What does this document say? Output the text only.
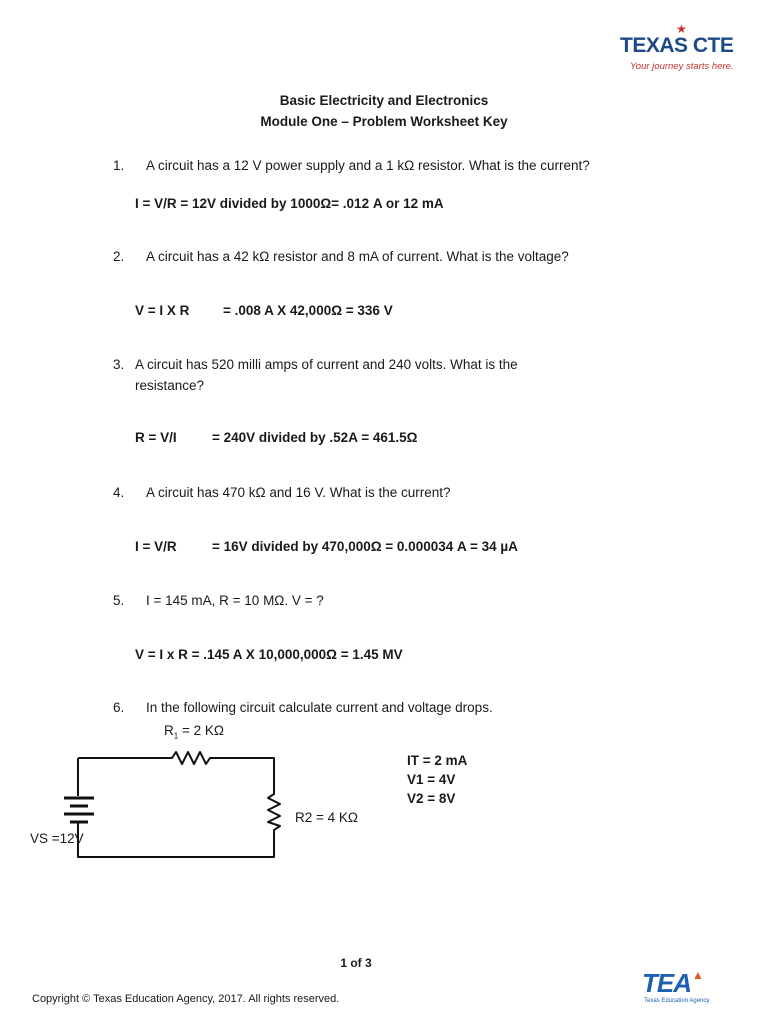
★
TEXAS CTE
Your journey starts here.
Basic Electricity and Electronics
Module One – Problem Worksheet Key
1. A circuit has a 12 V power supply and a 1 kΩ resistor. What is the current?
I = V/R = 12V divided by 1000Ω= .012 A or 12 mA
2. A circuit has a 42 kΩ resistor and 8 mA of current. What is the voltage?
V = I X R = .008 A X 42,000Ω = 336 V
3. A circuit has 520 milli amps of current and 240 volts. What is the
resistance?
R = V/I	= 240V divided by .52A = 461.5Ω
4. A circuit has 470 kΩ and 16 V. What is the current?
I = V/R	= 16V divided by 470,000Ω = 0.000034 A = 34 µA
5. I = 145 mA, R = 10 MΩ. V = ?
V = I x R = .145 A X 10,000,000Ω = 1.45 MV
6. In the following circuit calculate current and voltage drops.
$R_1 = 2$ KΩ
R2 = 4 KΩ
VS =12V
IT = 2 mA
V1 = 4V
V2 = 8V
1 of 3
Copyright © Texas Education Agency, 2017. All rights reserved.
▲
TEA
Texas Education Agency
